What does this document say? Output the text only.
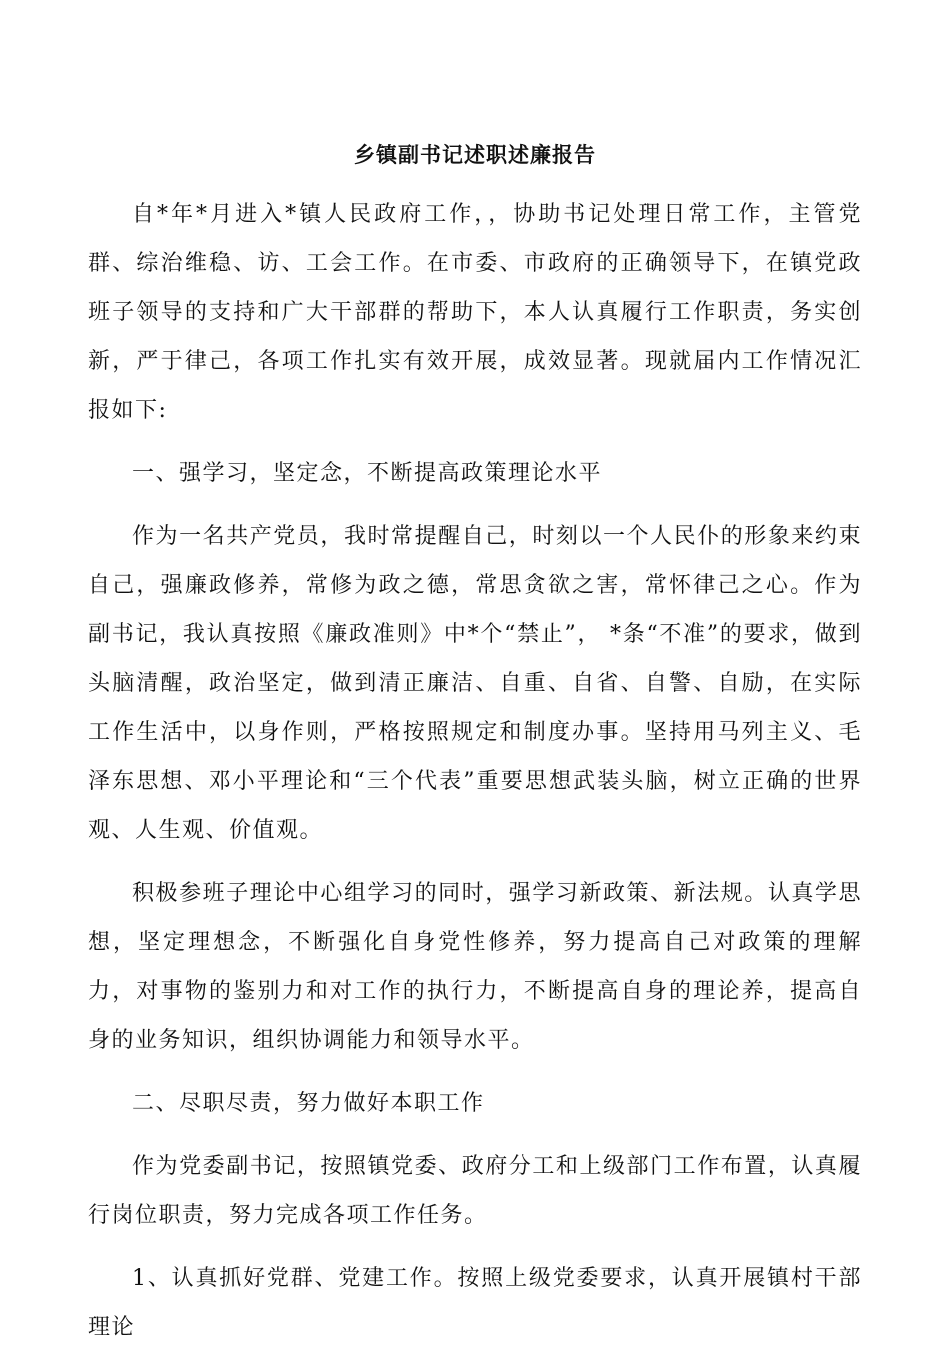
乡镇副书记述职述廉报告

自*年*月进入*镇人民政府工作，，协助书记处理日常工作，主管党群、综治维稳、访、工会工作。在市委、市政府的正确领导下，在镇党政班子领导的支持和广大干部群的帮助下，本人认真履行工作职责，务实创新，严于律己，各项工作扎实有效开展，成效显著。现就届内工作情况汇报如下:

一、强学习，坚定念，不断提高政策理论水平

作为一名共产党员，我时常提醒自己，时刻以一个人民仆的形象来约束自己，强廉政修养，常修为政之德，常思贪欲之害，常怀律己之心。作为副书记，我认真按照《廉政准则》中*个“禁止”， *条“不准”的要求，做到头脑清醒，政治坚定，做到清正廉洁、自重、自省、自警、自励，在实际工作生活中，以身作则，严格按照规定和制度办事。坚持用马列主义、毛泽东思想、邓小平理论和“三个代表”重要思想武装头脑，树立正确的世界观、人生观、价值观。

积极参班子理论中心组学习的同时，强学习新政策、新法规。认真学思想，坚定理想念，不断强化自身党性修养，努力提高自己对政策的理解力，对事物的鉴别力和对工作的执行力，不断提高自身的理论养，提高自身的业务知识，组织协调能力和领导水平。

二、尽职尽责，努力做好本职工作

作为党委副书记，按照镇党委、政府分工和上级部门工作布置，认真履行岗位职责，努力完成各项工作任务。

1、认真抓好党群、党建工作。按照上级党委要求，认真开展镇村干部理论
